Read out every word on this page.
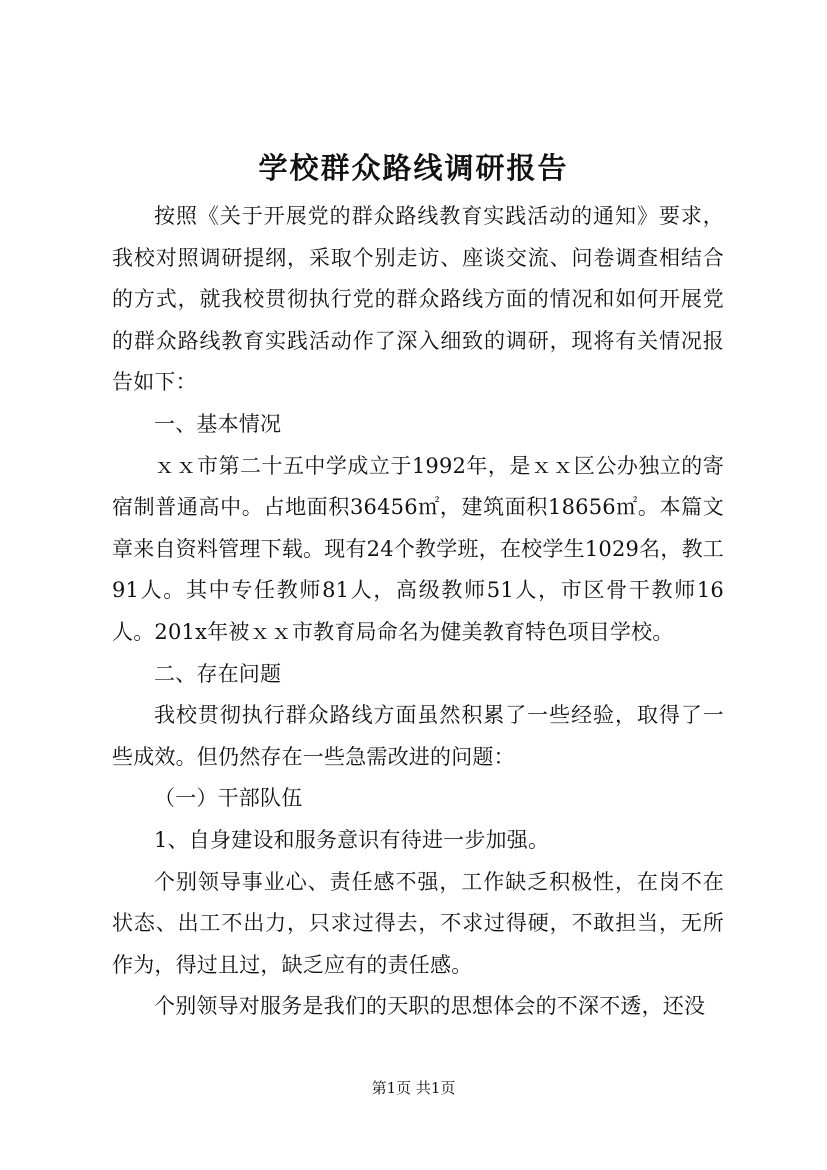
学校群众路线调研报告

按照《关于开展党的群众路线教育实践活动的通知》要求，我校对照调研提纲，采取个别走访、座谈交流、问卷调查相结合的方式，就我校贯彻执行党的群众路线方面的情况和如何开展党的群众路线教育实践活动作了深入细致的调研，现将有关情况报告如下：

一、基本情况

ｘｘ市第二十五中学成立于1992年，是ｘｘ区公办独立的寄宿制普通高中。占地面积36456㎡，建筑面积18656㎡。本篇文章来自资料管理下载。现有24个教学班，在校学生1029名，教工91人。其中专任教师81人，高级教师51人，市区骨干教师16人。201x年被ｘｘ市教育局命名为健美教育特色项目学校。

二、存在问题

我校贯彻执行群众路线方面虽然积累了一些经验，取得了一些成效。但仍然存在一些急需改进的问题：

（一）干部队伍

1、自身建设和服务意识有待进一步加强。

个别领导事业心、责任感不强，工作缺乏积极性，在岗不在状态、出工不出力，只求过得去，不求过得硬，不敢担当，无所作为，得过且过，缺乏应有的责任感。

个别领导对服务是我们的天职的思想体会的不深不透，还没

第1页 共1页
